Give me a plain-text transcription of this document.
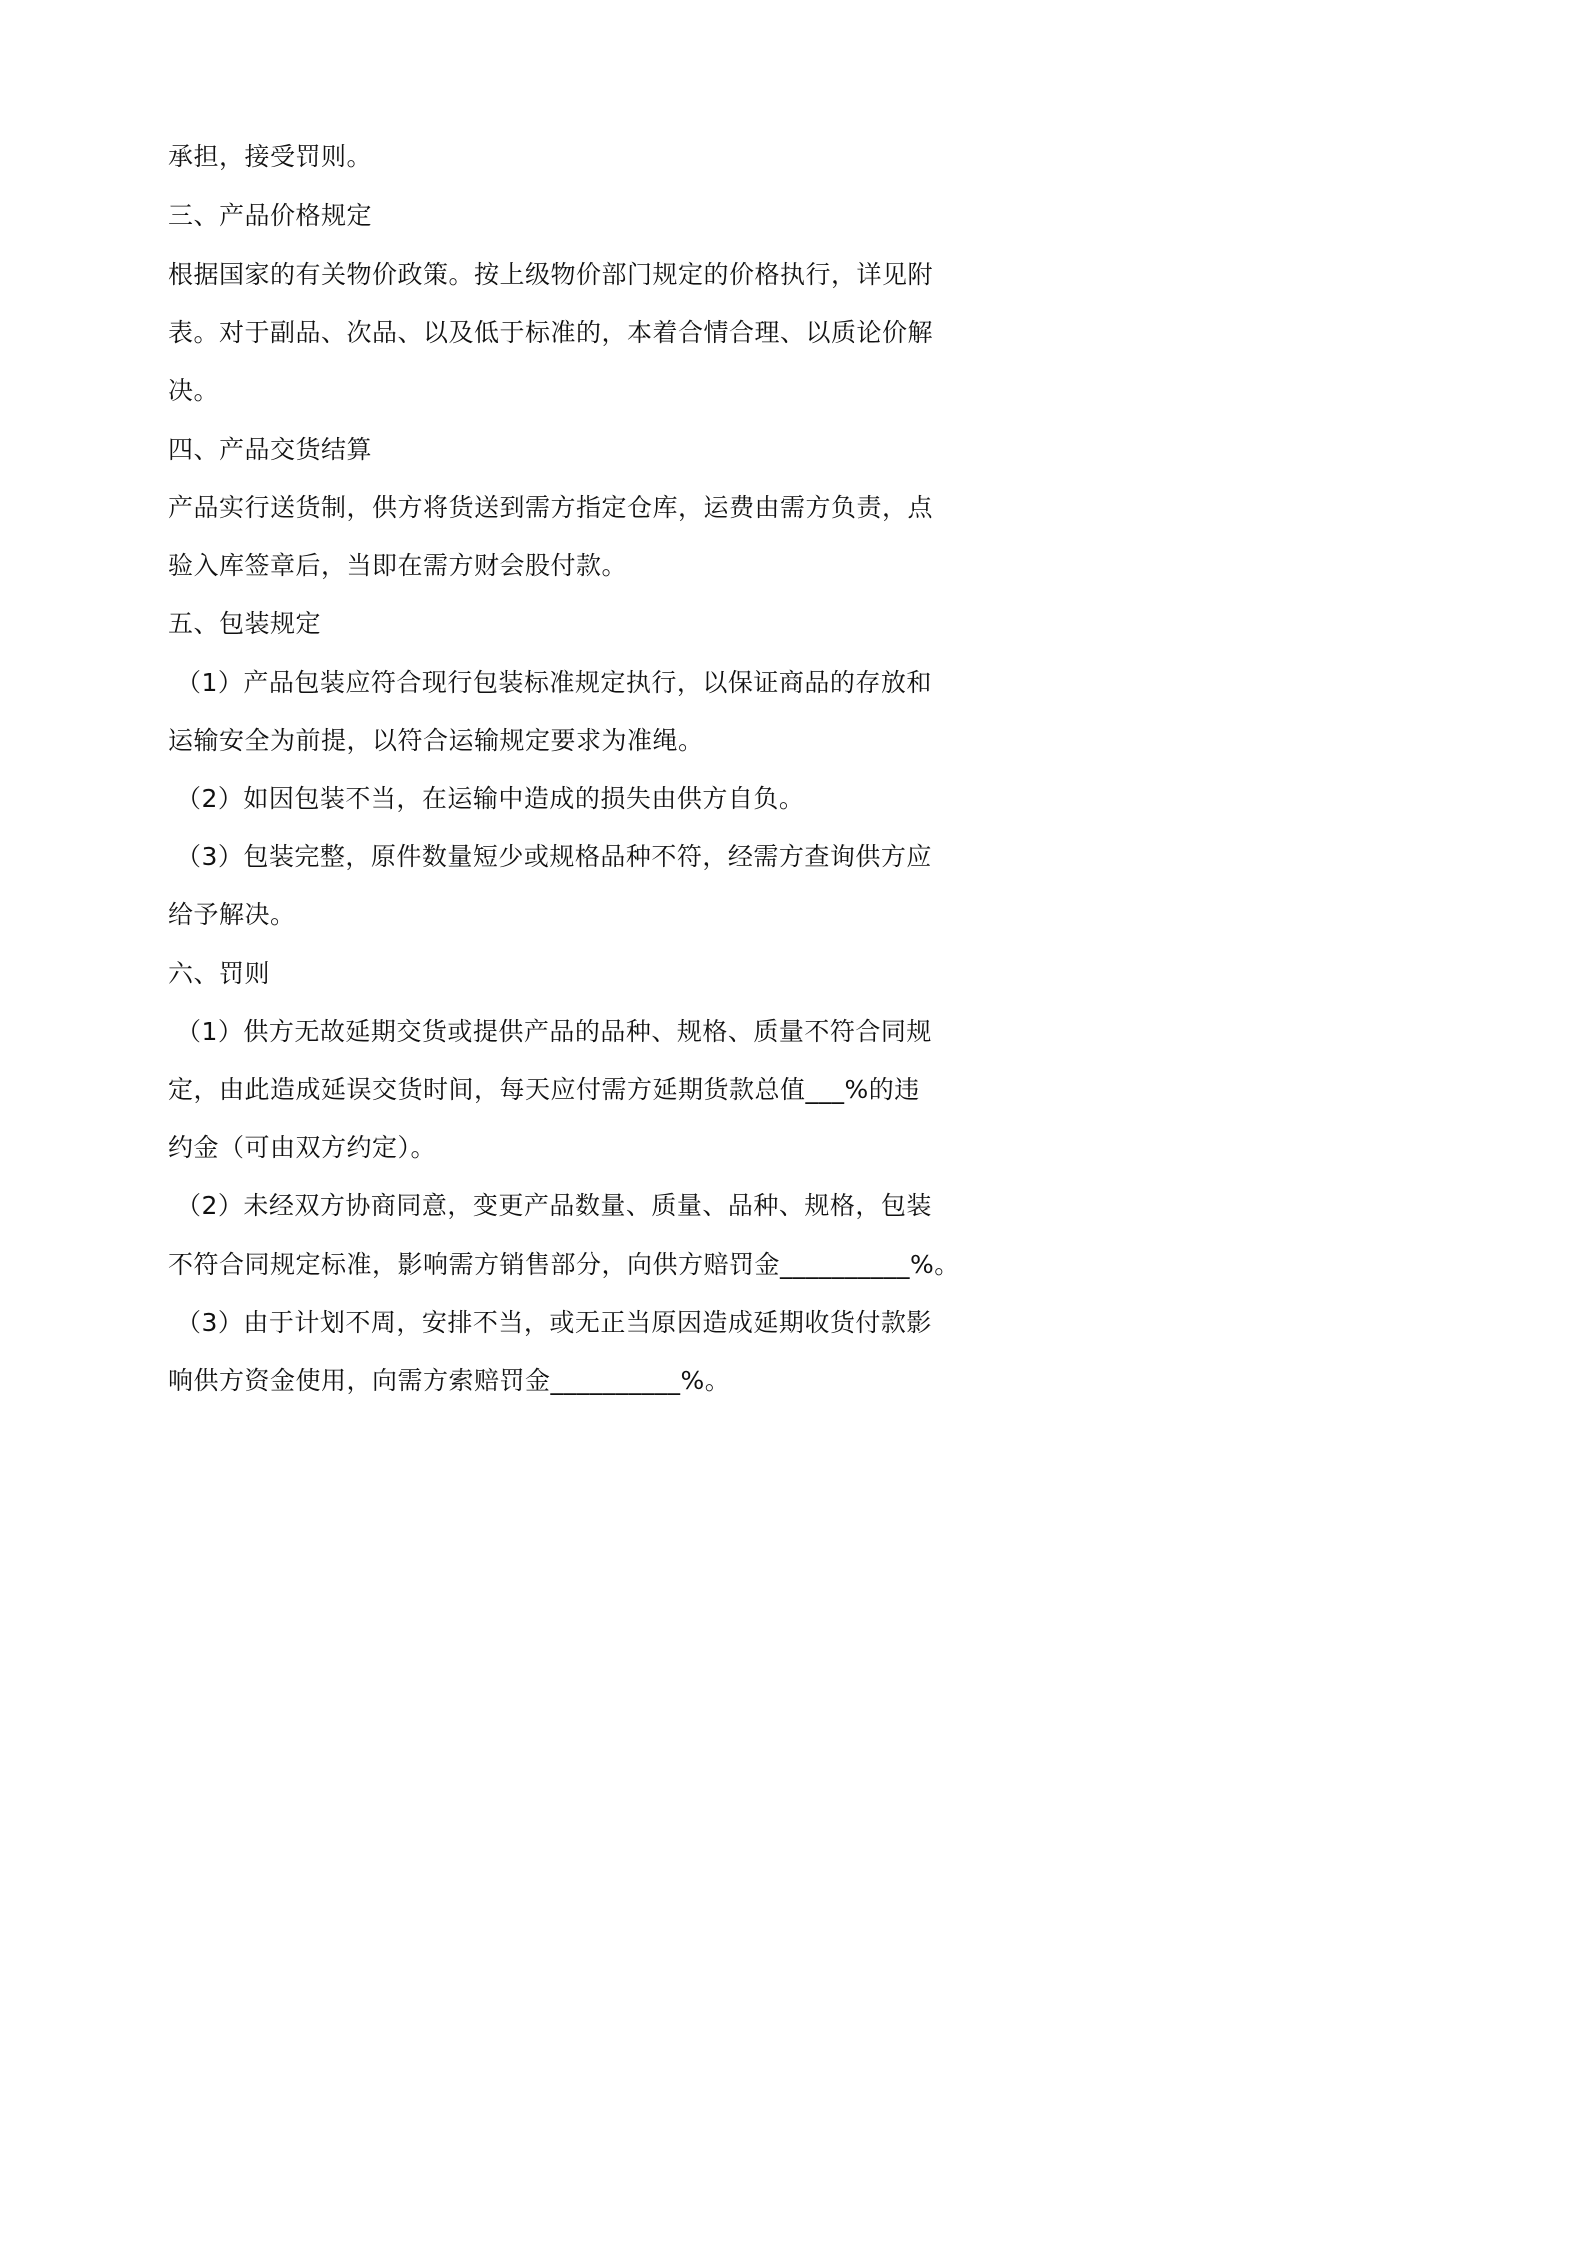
承担，接受罚则。
三、产品价格规定
根据国家的有关物价政策。按上级物价部门规定的价格执行，详见附
表。对于副品、次品、以及低于标准的，本着合情合理、以质论价解
决。
四、产品交货结算
产品实行送货制，供方将货送到需方指定仓库，运费由需方负责，点
验入库签章后，当即在需方财会股付款。
五、包装规定
（1）产品包装应符合现行包装标准规定执行，以保证商品的存放和
运输安全为前提，以符合运输规定要求为准绳。
（2）如因包装不当，在运输中造成的损失由供方自负。
（3）包装完整，原件数量短少或规格品种不符，经需方查询供方应
给予解决。
六、罚则
（1）供方无故延期交货或提供产品的品种、规格、质量不符合同规
定，由此造成延误交货时间，每天应付需方延期货款总值___%的违
约金（可由双方约定）。
（2）未经双方协商同意，变更产品数量、质量、品种、规格，包装
不符合同规定标准，影响需方销售部分，向供方赔罚金__________%。
（3）由于计划不周，安排不当，或无正当原因造成延期收货付款影
响供方资金使用，向需方索赔罚金__________%。
